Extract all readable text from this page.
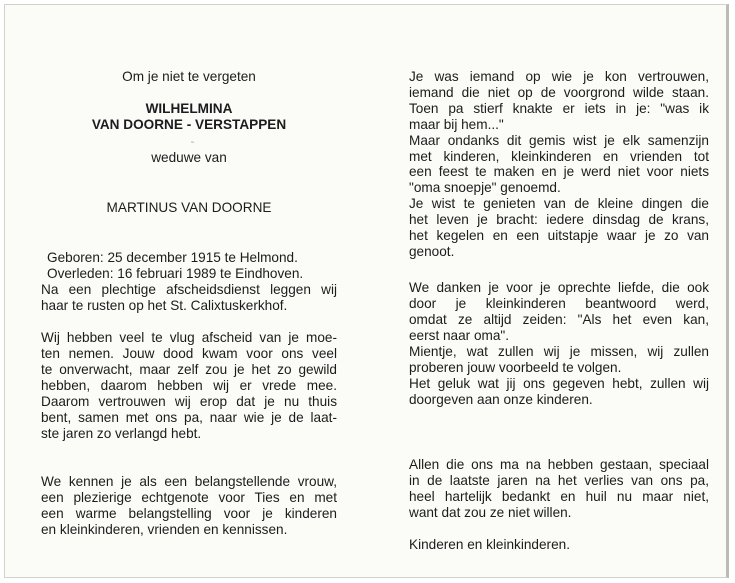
Om je niet te vergeten
WILHELMINA
VAN DOORNE - VERSTAPPEN
˜
weduwe van
MARTINUS VAN DOORNE
Geboren: 25 december 1915 te Helmond.
Overleden: 16 februari 1989 te Eindhoven.
Na een plechtige afscheidsdienst leggen wij
haar te rusten op het St. Calixtuskerkhof.
Wij hebben veel te vlug afscheid van je moe-
ten nemen. Jouw dood kwam voor ons veel
te onverwacht, maar zelf zou je het zo gewild
hebben, daarom hebben wij er vrede mee.
Daarom vertrouwen wij erop dat je nu thuis
bent, samen met ons pa, naar wie je de laat-
ste jaren zo verlangd hebt.
We kennen je als een belangstellende vrouw,
een plezierige echtgenote voor Ties en met
een warme belangstelling voor je kinderen
en kleinkinderen, vrienden en kennissen.
Je was iemand op wie je kon vertrouwen,
iemand die niet op de voorgrond wilde staan.
Toen pa stierf knakte er iets in je: "was ik
maar bij hem..."
Maar ondanks dit gemis wist je elk samenzijn
met kinderen, kleinkinderen en vrienden tot
een feest te maken en je werd niet voor niets
"oma snoepje" genoemd.
Je wist te genieten van de kleine dingen die
het leven je bracht: iedere dinsdag de krans,
het kegelen en een uitstapje waar je zo van
genoot.
We danken je voor je oprechte liefde, die ook
door je kleinkinderen beantwoord werd,
omdat ze altijd zeiden: "Als het even kan,
eerst naar oma".
Mientje, wat zullen wij je missen, wij zullen
proberen jouw voorbeeld te volgen.
Het geluk wat jij ons gegeven hebt, zullen wij
doorgeven aan onze kinderen.
Allen die ons ma na hebben gestaan, speciaal
in de laatste jaren na het verlies van ons pa,
heel hartelijk bedankt en huil nu maar niet,
want dat zou ze niet willen.
Kinderen en kleinkinderen.
